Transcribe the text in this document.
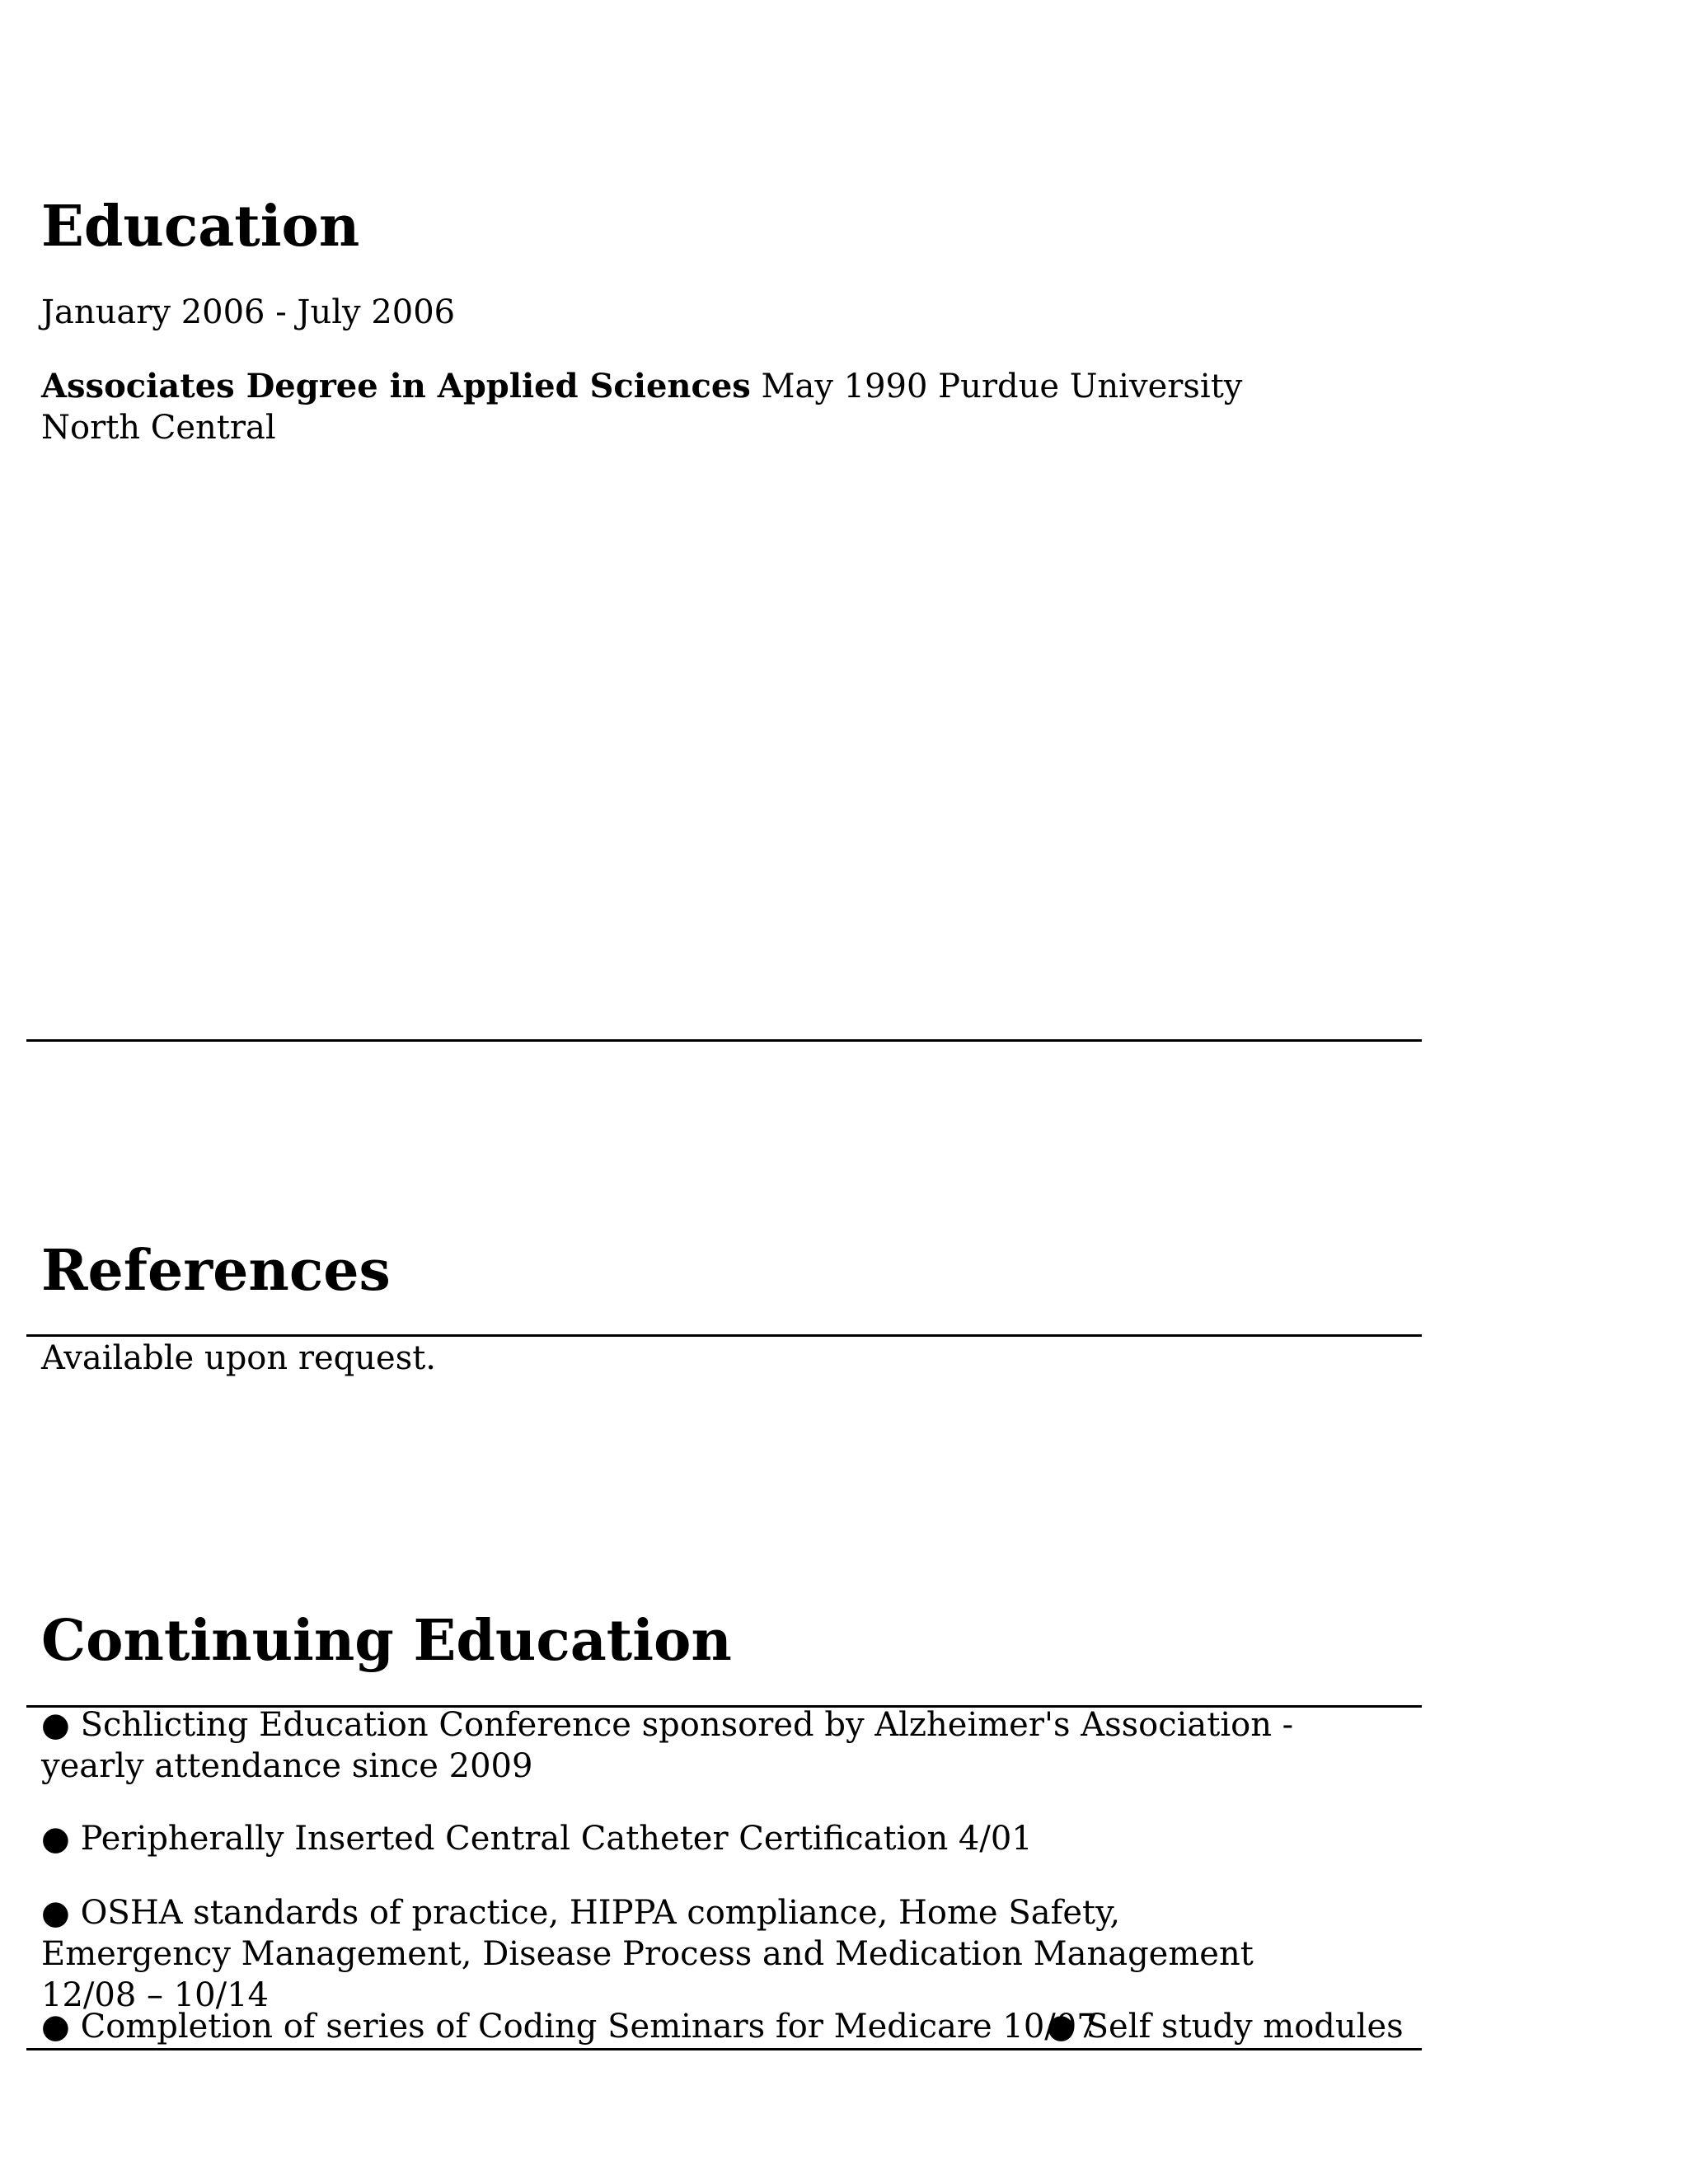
Education

January 2006 - July 2006

Associates Degree in Applied Sciences May 1990 Purdue University North Central

References

Available upon request.

Continuing Education

● Schlicting Education Conference sponsored by Alzheimer's Association - yearly attendance since 2009

● Peripherally Inserted Central Catheter Certification 4/01

● OSHA standards of practice, HIPPA compliance, Home Safety, Emergency Management, Disease Process and Medication Management 12/08 – 10/14

● Completion of series of Coding Seminars for Medicare 10/07

● Self study modules
